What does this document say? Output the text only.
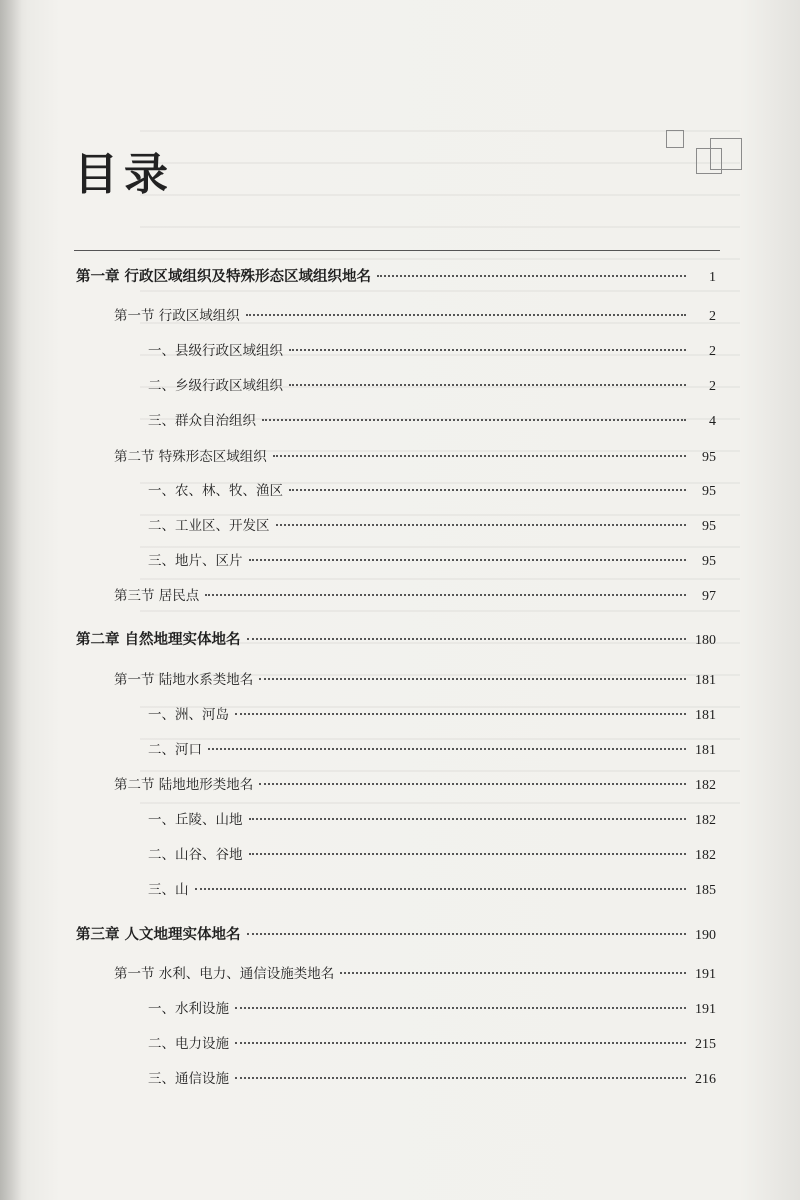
目录
第一章 行政区域组织及特殊形态区域组织地名	1
第一节 行政区域组织	2
一、县级行政区域组织	2
二、乡级行政区域组织	2
三、群众自治组织	4
第二节 特殊形态区域组织	95
一、农、林、牧、渔区	95
二、工业区、开发区	95
三、地片、区片	95
第三节 居民点	97
第二章 自然地理实体地名	180
第一节 陆地水系类地名	181
一、洲、河岛	181
二、河口	181
第二节 陆地地形类地名	182
一、丘陵、山地	182
二、山谷、谷地	182
三、山	185
第三章 人文地理实体地名	190
第一节 水利、电力、通信设施类地名	191
一、水利设施	191
二、电力设施	215
三、通信设施	216
